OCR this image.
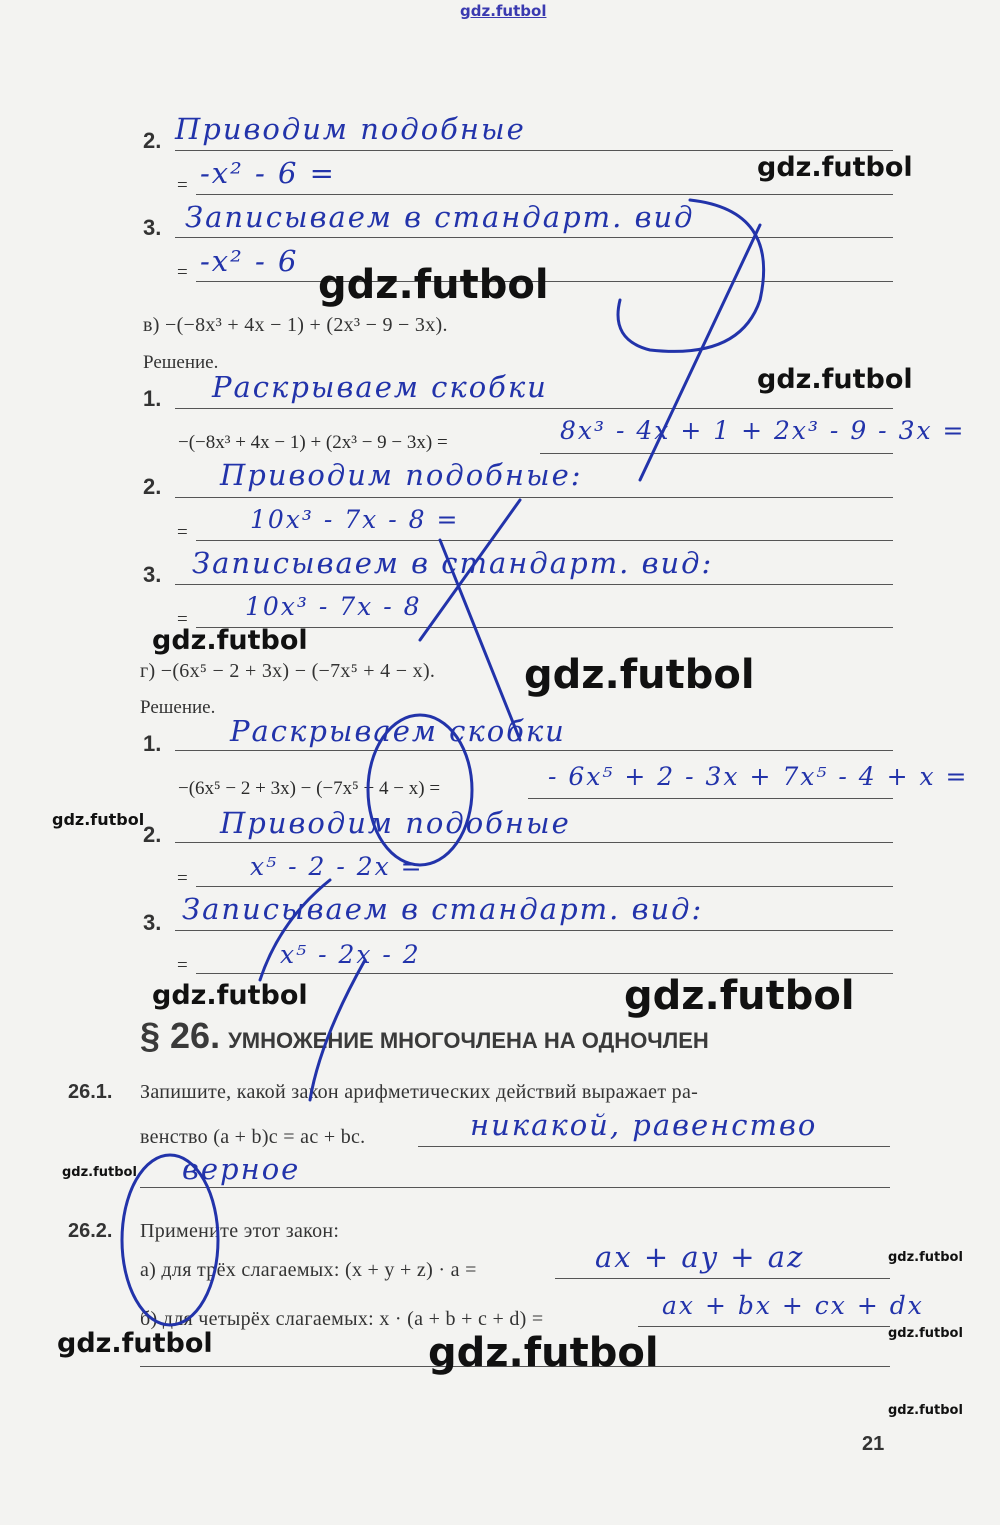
gdz.futbol
2. Приводим подобные
= -x² - 6 =
3. Записываем в стандарт. вид
= -x² - 6
в) −(−8x³ + 4x − 1) + (2x³ − 9 − 3x).
Решение.
1. Раскрываем скобки
−(−8x³ + 4x − 1) + (2x³ − 9 − 3x) =	8x³ - 4x + 1 + 2x³ - 9 - 3x =
2. Приводим подобные:
= 10x³ - 7x - 8 =
3. Записываем в стандарт. вид:
= 10x³ - 7x - 8
г) −(6x⁵ − 2 + 3x) − (−7x⁵ + 4 − x).
Решение.
1. Раскрываем скобки
−(6x⁵ − 2 + 3x) − (−7x⁵ + 4 − x) =	- 6x⁵ + 2 - 3x + 7x⁵ - 4 + x =
2. Приводим подобные
= x⁵ - 2 - 2x =
3. Записываем в стандарт. вид:
=	x⁵ - 2x - 2
§ 26. УМНОЖЕНИЕ МНОГОЧЛЕНА НА ОДНОЧЛЕН
26.1. Запишите, какой закон арифметических действий выражает ра-
венство (a + b)c = ac + bc.	никакой, равенство
верное
26.2. Примените этот закон:
а) для трёх слагаемых: (x + y + z) · a =	ax + ay + az
б) для четырёх слагаемых: x · (a + b + c + d) =	ax + bx + cx + dx
21
gdz.futbol
gdz.futbol
gdz.futbol
gdz.futbol
gdz.futbol
gdz.futbol
gdz.futbol	gdz.futbol
gdz.futbol
gdz.futbol
gdz.futbol
gdz.futbol	gdz.futbol
gdz.futbol
